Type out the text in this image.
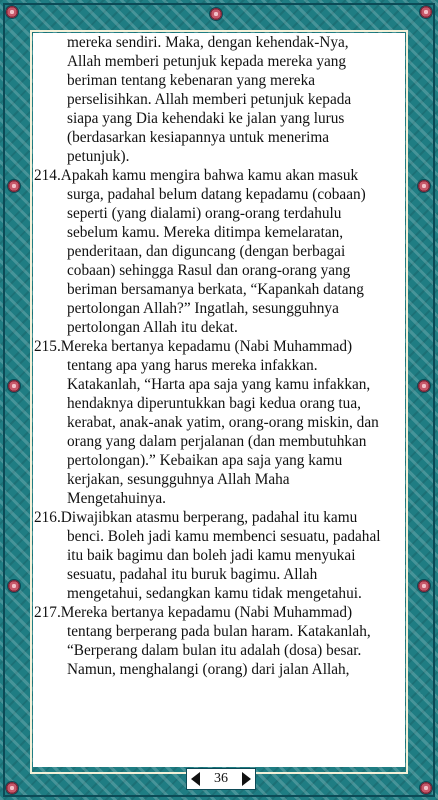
mereka sendiri. Maka, dengan kehendak-Nya,
Allah memberi petunjuk kepada mereka yang
beriman tentang kebenaran yang mereka
perselisihkan. Allah memberi petunjuk kepada
siapa yang Dia kehendaki ke jalan yang lurus
(berdasarkan kesiapannya untuk menerima
petunjuk).
214.Apakah kamu mengira bahwa kamu akan masuk
surga, padahal belum datang kepadamu (cobaan)
seperti (yang dialami) orang-orang terdahulu
sebelum kamu. Mereka ditimpa kemelaratan,
penderitaan, dan diguncang (dengan berbagai
cobaan) sehingga Rasul dan orang-orang yang
beriman bersamanya berkata, “Kapankah datang
pertolongan Allah?” Ingatlah, sesungguhnya
pertolongan Allah itu dekat.
215.Mereka bertanya kepadamu (Nabi Muhammad)
tentang apa yang harus mereka infakkan.
Katakanlah, “Harta apa saja yang kamu infakkan,
hendaknya diperuntukkan bagi kedua orang tua,
kerabat, anak-anak yatim, orang-orang miskin, dan
orang yang dalam perjalanan (dan membutuhkan
pertolongan).” Kebaikan apa saja yang kamu
kerjakan, sesungguhnya Allah Maha
Mengetahuinya.
216.Diwajibkan atasmu berperang, padahal itu kamu
benci. Boleh jadi kamu membenci sesuatu, padahal
itu baik bagimu dan boleh jadi kamu menyukai
sesuatu, padahal itu buruk bagimu. Allah
mengetahui, sedangkan kamu tidak mengetahui.
217.Mereka bertanya kepadamu (Nabi Muhammad)
tentang berperang pada bulan haram. Katakanlah,
“Berperang dalam bulan itu adalah (dosa) besar.
Namun, menghalangi (orang) dari jalan Allah,
36
